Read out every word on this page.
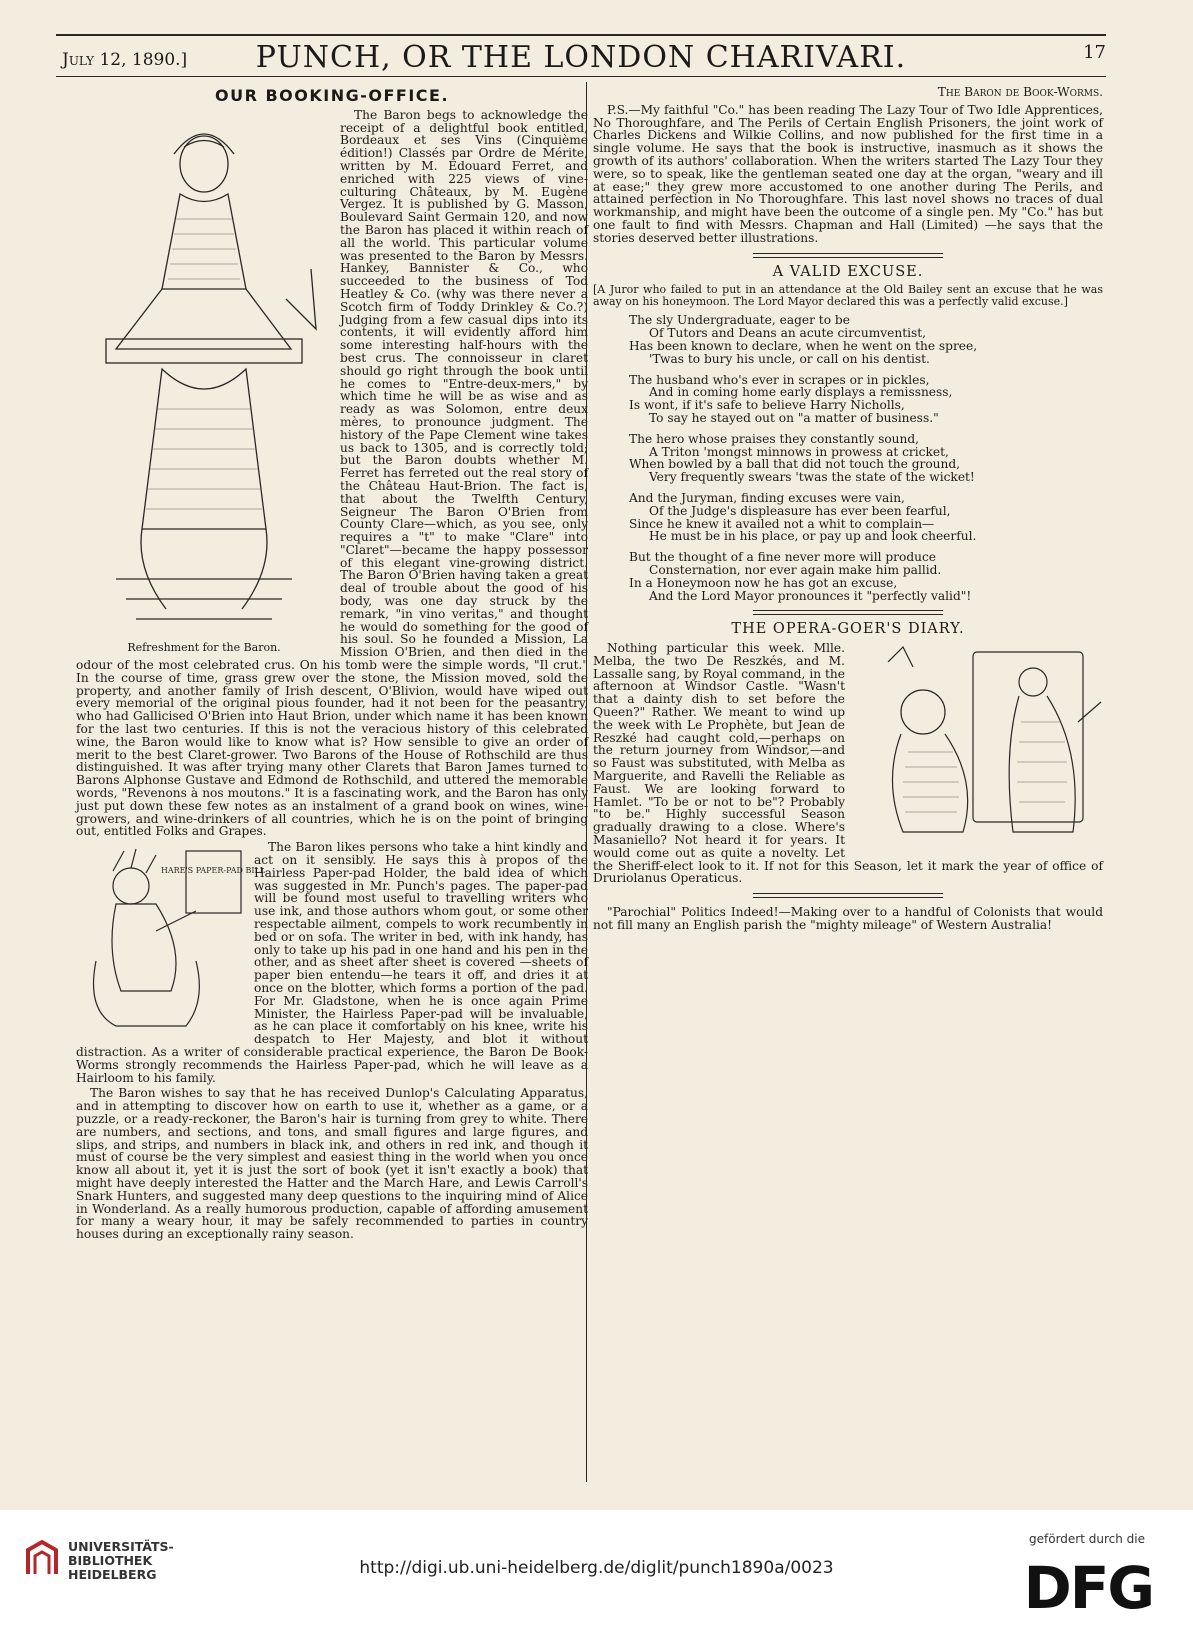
July 12, 1890.]	PUNCH, OR THE LONDON CHARIVARI.	17
OUR BOOKING-OFFICE.
Refreshment for the Baron.

The Baron begs to acknowledge the receipt of a delightful book entitled, Bordeaux et ses Vins (Cinquième édition!) Classés par Ordre de Mérite, written by M. Edouard Ferret, and enriched with 225 views of vine-culturing Châteaux, by M. Eugène Vergez. It is published by G. Masson, Boulevard Saint Germain 120, and now the Baron has placed it within reach of all the world. This particular volume was presented to the Baron by Messrs. Hankey, Bannister & Co., who succeeded to the business of Tod Heatley & Co. (why was there never a Scotch firm of Toddy Drinkley & Co.?) Judging from a few casual dips into its contents, it will evidently afford him some interesting half-hours with the best crus. The connoisseur in claret should go right through the book until he comes to "Entre-deux-mers," by which time he will be as wise and as ready as was Solomon, entre deux mères, to pronounce judgment. The history of the Pape Clement wine takes us back to 1305, and is correctly told; but the Baron doubts whether M. Ferret has ferreted out the real story of the Château Haut-Brion. The fact is, that about the Twelfth Century, Seigneur The Baron O'Brien from County Clare—which, as you see, only requires a "t" to make "Clare" into "Claret"—became the happy possessor of this elegant vine-growing district. The Baron O'Brien having taken a great deal of trouble about the good of his body, was one day struck by the remark, "in vino veritas," and thought he would do something for the good of his soul. So he founded a Mission, La Mission O'Brien, and then died in the odour of the most celebrated crus. On his tomb were the simple words, "Il crut." In the course of time, grass grew over the stone, the Mission moved, sold the property, and another family of Irish descent, O'Blivion, would have wiped out every memorial of the original pious founder, had it not been for the peasantry, who had Gallicised O'Brien into Haut Brion, under which name it has been known for the last two centuries. If this is not the veracious history of this celebrated wine, the Baron would like to know what is? How sensible to give an order of merit to the best Claret-grower. Two Barons of the House of Rothschild are thus distinguished. It was after trying many other Clarets that Baron James turned to Barons Alphonse Gustave and Edmond de Rothschild, and uttered the memorable words, "Revenons à nos moutons." It is a fascinating work, and the Baron has only just put down these few notes as an instalment of a grand book on wines, wine-growers, and wine-drinkers of all countries, which he is on the point of bringing out, entitled Folks and Grapes.

HARE'S PAPER-PAD BILL

The Baron likes persons who take a hint kindly and act on it sensibly. He says this à propos of the Hairless Paper-pad Holder, the bald idea of which was suggested in Mr. Punch's pages. The paper-pad will be found most useful to travelling writers who use ink, and those authors whom gout, or some other respectable ailment, compels to work recumbently in bed or on sofa. The writer in bed, with ink handy, has only to take up his pad in one hand and his pen in the other, and as sheet after sheet is covered —sheets of paper bien entendu—he tears it off, and dries it at once on the blotter, which forms a portion of the pad. For Mr. Gladstone, when he is once again Prime Minister, the Hairless Paper-pad will be invaluable, as he can place it comfortably on his knee, write his despatch to Her Majesty, and blot it without distraction. As a writer of considerable practical experience, the Baron De Book-Worms strongly recommends the Hairless Paper-pad, which he will leave as a Hairloom to his family.

The Baron wishes to say that he has received Dunlop's Calculating Apparatus, and in attempting to discover how on earth to use it, whether as a game, or a puzzle, or a ready-reckoner, the Baron's hair is turning from grey to white. There are numbers, and sections, and tons, and small figures and large figures, and slips, and strips, and numbers in black ink, and others in red ink, and though it must of course be the very simplest and easiest thing in the world when you once know all about it, yet it is just the sort of book (yet it isn't exactly a book) that might have deeply interested the Hatter and the March Hare, and Lewis Carroll's Snark Hunters, and suggested many deep questions to the inquiring mind of Alice in Wonderland. As a really humorous production, capable of affording amusement for many a weary hour, it may be safely recommended to parties in country houses during an exceptionally rainy season.

The Baron de Book-Worms.

P.S.—My faithful "Co." has been reading The Lazy Tour of Two Idle Apprentices, No Thoroughfare, and The Perils of Certain English Prisoners, the joint work of Charles Dickens and Wilkie Collins, and now published for the first time in a single volume. He says that the book is instructive, inasmuch as it shows the growth of its authors' collaboration. When the writers started The Lazy Tour they were, so to speak, like the gentleman seated one day at the organ, "weary and ill at ease;" they grew more accustomed to one another during The Perils, and attained perfection in No Thoroughfare. This last novel shows no traces of dual workmanship, and might have been the outcome of a single pen. My "Co." has but one fault to find with Messrs. Chapman and Hall (Limited) —he says that the stories deserved better illustrations.

A VALID EXCUSE.

[A Juror who failed to put in an attendance at the Old Bailey sent an excuse that he was away on his honeymoon. The Lord Mayor declared this was a perfectly valid excuse.]

The sly Undergraduate, eager to be
Of Tutors and Deans an acute circumventist,
Has been known to declare, when he went on the spree,
'Twas to bury his uncle, or call on his dentist.
The husband who's ever in scrapes or in pickles,
And in coming home early displays a remissness,
Is wont, if it's safe to believe Harry Nicholls,
To say he stayed out on "a matter of business."
The hero whose praises they constantly sound,
A Triton 'mongst minnows in prowess at cricket,
When bowled by a ball that did not touch the ground,
Very frequently swears 'twas the state of the wicket!
And the Juryman, finding excuses were vain,
Of the Judge's displeasure has ever been fearful,
Since he knew it availed not a whit to complain—
He must be in his place, or pay up and look cheerful.
But the thought of a fine never more will produce
Consternation, nor ever again make him pallid.
In a Honeymoon now he has got an excuse,
And the Lord Mayor pronounces it "perfectly valid"!
THE OPERA-GOER'S DIARY.

Nothing particular this week. Mlle. Melba, the two De Reszkés, and M. Lassalle sang, by Royal command, in the afternoon at Windsor Castle. "Wasn't that a dainty dish to set before the Queen?" Rather. We meant to wind up the week with Le Prophète, but Jean de Reszké had caught cold,—perhaps on the return journey from Windsor,—and so Faust was substituted, with Melba as Marguerite, and Ravelli the Reliable as Faust. We are looking forward to Hamlet. "To be or not to be"? Probably "to be." Highly successful Season gradually drawing to a close. Where's Masaniello? Not heard it for years. It would come out as quite a novelty. Let the Sheriff-elect look to it. If not for this Season, let it mark the year of office of Druriolanus Operaticus.

"Parochial" Politics Indeed!—Making over to a handful of Colonists that would not fill many an English parish the "mighty mileage" of Western Australia!

UNIVERSITÄTS-
BIBLIOTHEK
HEIDELBERG	http://digi.ub.uni-heidelberg.de/diglit/punch1890a/0023
gefördert durch die
DFG
